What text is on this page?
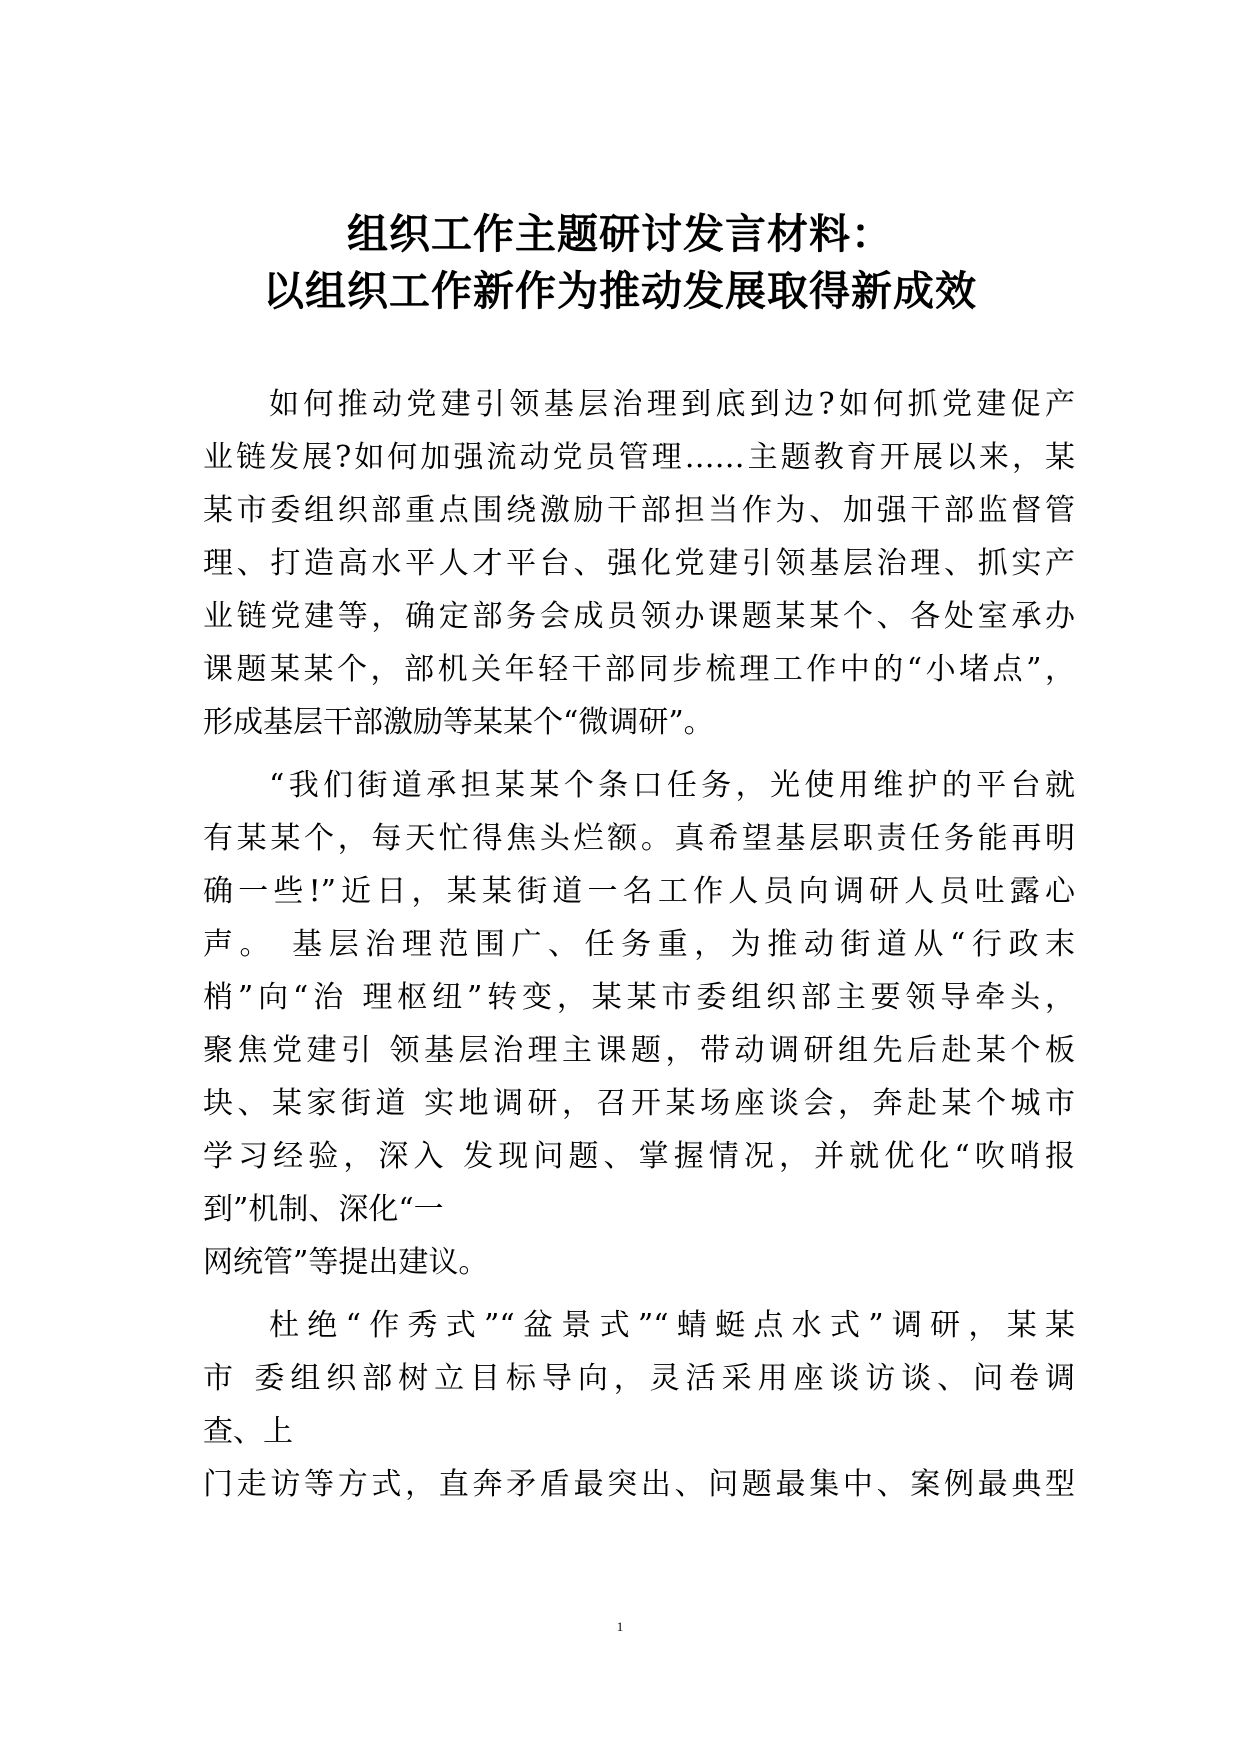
组织工作主题研讨发言材料：
以组织工作新作为推动发展取得新成效
如何推动党建引领基层治理到底到边?如何抓党建促产
业链发展?如何加强流动党员管理……主题教育开展以来，某
某市委组织部重点围绕激励干部担当作为、加强干部监督管
理、打造高水平人才平台、强化党建引领基层治理、抓实产
业链党建等，确定部务会成员领办课题某某个、各处室承办
课题某某个，部机关年轻干部同步梳理工作中的“小堵点”，
形成基层干部激励等某某个“微调研”。
“我们街道承担某某个条口任务，光使用维护的平台就
有某某个，每天忙得焦头烂额。真希望基层职责任务能再明
确一些!”近日，某某街道一名工作人员向调研人员吐露心
声。 基层治理范围广、任务重，为推动街道从“行政末
梢”向“治 理枢纽”转变，某某市委组织部主要领导牵头，
聚焦党建引 领基层治理主课题，带动调研组先后赴某个板
块、某家街道 实地调研，召开某场座谈会，奔赴某个城市
学习经验，深入 发现问题、掌握情况，并就优化“吹哨报
到”机制、深化“一
网统管”等提出建议。
杜绝“作秀式”“盆景式”“蜻蜓点水式”调研，某某
市 委组织部树立目标导向，灵活采用座谈访谈、问卷调
查、上
门走访等方式，直奔矛盾最突出、问题最集中、案例最典型
1
